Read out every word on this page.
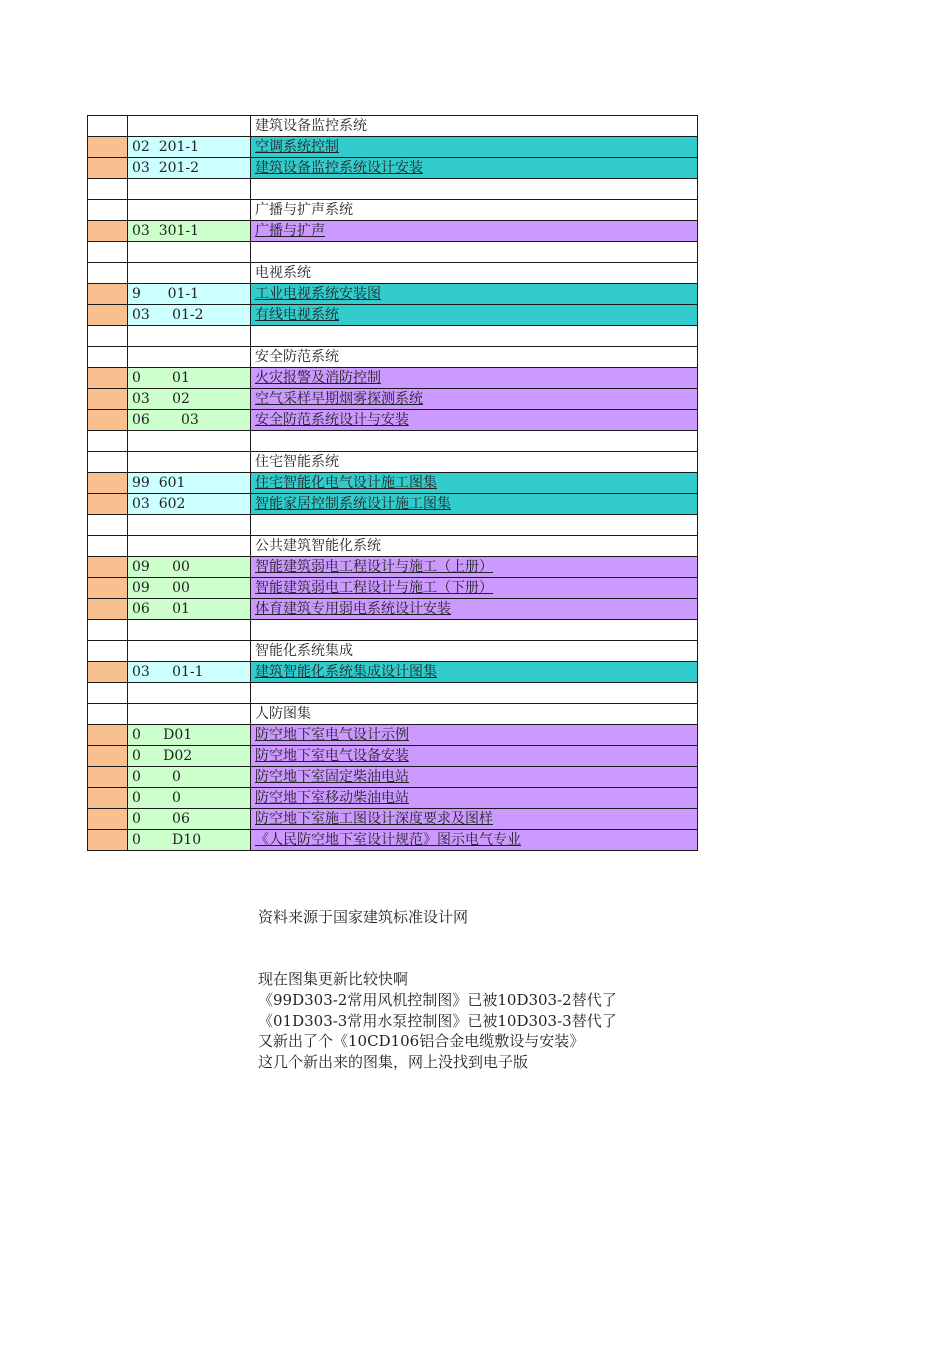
		建筑设备监控系统
	02  201-1	空调系统控制
	03  201-2	建筑设备监控系统设计安装

		广播与扩声系统
	03  301-1	广播与扩声

		电视系统
	9      01-1	工业电视系统安装图
	03     01-2	有线电视系统

		安全防范系统
	0       01	火灾报警及消防控制
	03     02	空气采样早期烟雾探测系统
	06       03	安全防范系统设计与安装

		住宅智能系统
	99  601	住宅智能化电气设计施工图集
	03  602	智能家居控制系统设计施工图集

		公共建筑智能化系统
	09     00	智能建筑弱电工程设计与施工（上册）
	09     00	智能建筑弱电工程设计与施工（下册）
	06     01	体育建筑专用弱电系统设计安装

		智能化系统集成
	03     01-1	建筑智能化系统集成设计图集

		人防图集
	0     D01	防空地下室电气设计示例
	0     D02	防空地下室电气设备安装
	0       0	防空地下室固定柴油电站
	0       0	防空地下室移动柴油电站
	0       06	防空地下室施工图设计深度要求及图样
	0       D10	《人民防空地下室设计规范》图示电气专业
资料来源于国家建筑标准设计网
现在图集更新比较快啊
《99D303-2常用风机控制图》已被10D303-2替代了
《01D303-3常用水泵控制图》已被10D303-3替代了
又新出了个《10CD106铝合金电缆敷设与安装》
这几个新出来的图集，网上没找到电子版
